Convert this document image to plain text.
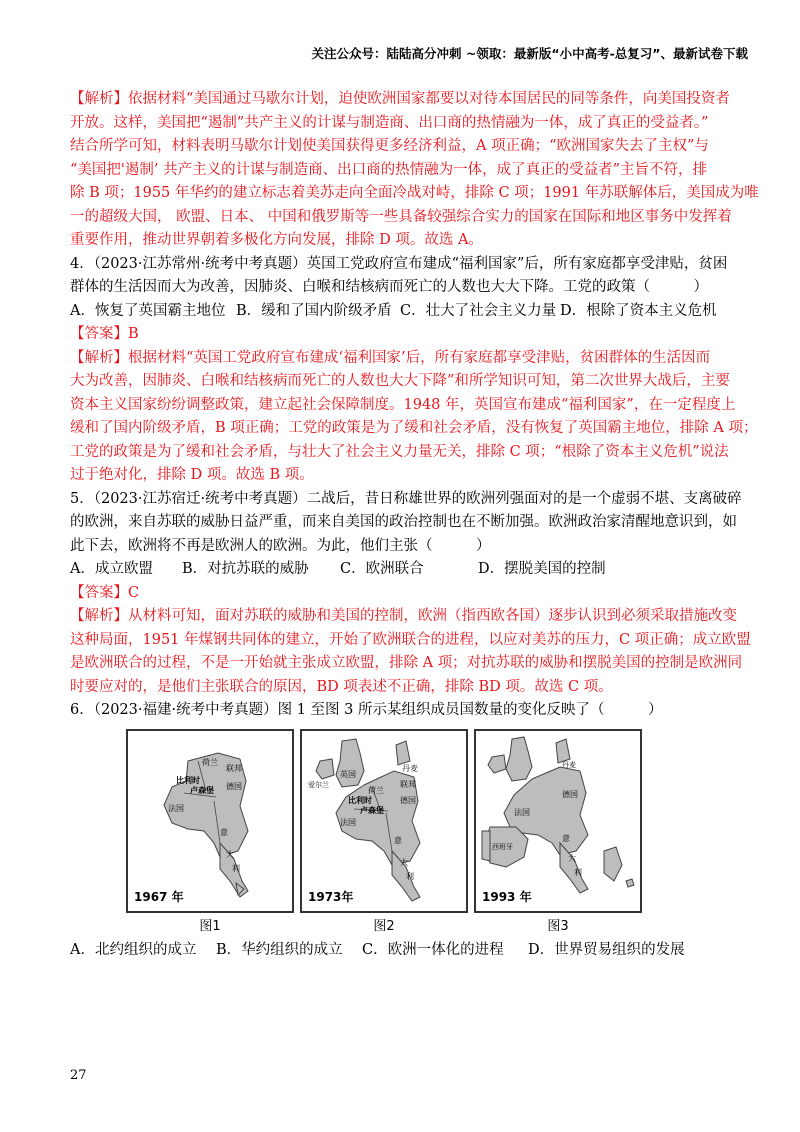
关注公众号：陆陆高分冲刺 ~领取：最新版“小中高考-总复习”、最新试卷下载
【解析】依据材料“美国通过马歇尔计划，迫使欧洲国家都要以对待本国居民的同等条件，向美国投资者
开放。这样，美国把“遏制”共产主义的计谋与制造商、出口商的热情融为一体，成了真正的受益者。”
结合所学可知，材料表明马歇尔计划使美国获得更多经济利益，A 项正确；“欧洲国家失去了主权”与
“美国把'遏制’ 共产主义的计谋与制造商、出口商的热情融为一体，成了真正的受益者”主旨不符，排
除 B 项；1955 年华约的建立标志着美苏走向全面冷战对峙，排除 C 项；1991 年苏联解体后，美国成为唯
一的超级大国， 欧盟、日本、 中国和俄罗斯等一些具备较强综合实力的国家在国际和地区事务中发挥着
重要作用，推动世界朝着多极化方向发展，排除 D 项。故选 A。
4．（2023·江苏常州·统考中考真题）英国工党政府宣布建成“福利国家”后，所有家庭都享受津贴，贫困
群体的生活因而大为改善，因肺炎、白喉和结核病而死亡的人数也大大下降。工党的政策（　　　）
A．恢复了英国霸主地位 B．缓和了国内阶级矛盾 C．壮大了社会主义力量 D．根除了资本主义危机
【答案】B
【解析】根据材料“英国工党政府宣布建成‘福利国家’后，所有家庭都享受津贴，贫困群体的生活因而
大为改善，因肺炎、白喉和结核病而死亡的人数也大大下降”和所学知识可知，第二次世界大战后，主要
资本主义国家纷纷调整政策，建立起社会保障制度。1948 年，英国宣布建成“福利国家”，在一定程度上
缓和了国内阶级矛盾，B 项正确；工党的政策是为了缓和社会矛盾，没有恢复了英国霸主地位，排除 A 项；
工党的政策是为了缓和社会矛盾，与壮大了社会主义力量无关，排除 C 项；“根除了资本主义危机”说法
过于绝对化，排除 D 项。故选 B 项。
5．（2023·江苏宿迁·统考中考真题）二战后，昔日称雄世界的欧洲列强面对的是一个虚弱不堪、支离破碎
的欧洲，来自苏联的威胁日益严重，而来自美国的政治控制也在不断加强。欧洲政治家清醒地意识到，如
此下去，欧洲将不再是欧洲人的欧洲。为此，他们主张（　　　）
A．成立欧盟	B．对抗苏联的威胁	C．欧洲联合	D．摆脱美国的控制
【答案】C
【解析】从材料可知，面对苏联的威胁和美国的控制，欧洲（指西欧各国）逐步认识到必须采取措施改变
这种局面，1951 年煤钢共同体的建立，开始了欧洲联合的进程，以应对美苏的压力，C 项正确；成立欧盟
是欧洲联合的过程，不是一开始就主张成立欧盟，排除 A 项；对抗苏联的威胁和摆脱美国的控制是欧洲同
时要应对的，是他们主张联合的原因，BD 项表述不正确，排除 BD 项。故选 C 项。
6．（2023·福建·统考中考真题）图 1 至图 3 所示某组织成员国数量的变化反映了（　　　）
荷兰
联邦
德国
比利时
卢森堡
法国
意
大
利
1967 年
图1
英国
丹麦
爱尔兰
荷兰
联邦
德国
比利时
卢森堡
法国
意
大
利
1973年
图2
丹麦
德国
法国
西班牙
意
大
利
1993 年
图3
A．北约组织的成立	B．华约组织的成立	C．欧洲一体化的进程	D．世界贸易组织的发展
27
